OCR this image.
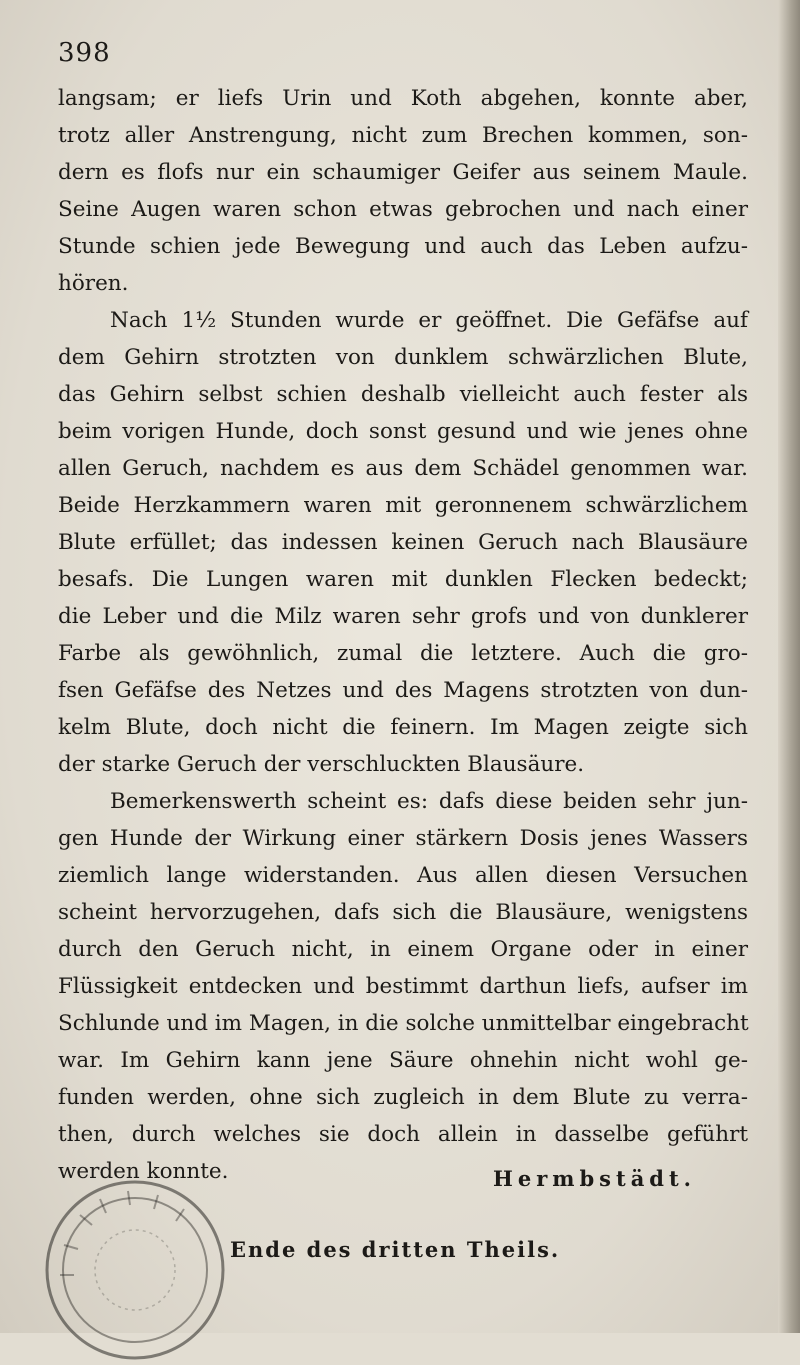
398
langsam; er liefs Urin und Koth abgehen, konnte aber,
trotz aller Anstrengung, nicht zum Brechen kommen, son-
dern es flofs nur ein schaumiger Geifer aus seinem Maule.
Seine Augen waren schon etwas gebrochen und nach einer
Stunde schien jede Bewegung und auch das Leben aufzu-
hören.
Nach 1½ Stunden wurde er geöffnet. Die Gefäfse auf
dem Gehirn strotzten von dunklem schwärzlichen Blute,
das Gehirn selbst schien deshalb vielleicht auch fester als
beim vorigen Hunde, doch sonst gesund und wie jenes ohne
allen Geruch, nachdem es aus dem Schädel genommen war.
Beide Herzkammern waren mit geronnenem schwärzlichem
Blute erfüllet; das indessen keinen Geruch nach Blausäure
besafs. Die Lungen waren mit dunklen Flecken bedeckt;
die Leber und die Milz waren sehr grofs und von dunklerer
Farbe als gewöhnlich, zumal die letztere. Auch die gro-
fsen Gefäfse des Netzes und des Magens strotzten von dun-
kelm Blute, doch nicht die feinern. Im Magen zeigte sich
der starke Geruch der verschluckten Blausäure.
Bemerkenswerth scheint es: dafs diese beiden sehr jun-
gen Hunde der Wirkung einer stärkern Dosis jenes Wassers
ziemlich lange widerstanden. Aus allen diesen Versuchen
scheint hervorzugehen, dafs sich die Blausäure, wenigstens
durch den Geruch nicht, in einem Organe oder in einer
Flüssigkeit entdecken und bestimmt darthun liefs, aufser im
Schlunde und im Magen, in die solche unmittelbar eingebracht
war. Im Gehirn kann jene Säure ohnehin nicht wohl ge-
funden werden, ohne sich zugleich in dem Blute zu verra-
then, durch welches sie doch allein in dasselbe geführt
werden konnte.	Hermbstädt.
Ende des dritten Theils.
